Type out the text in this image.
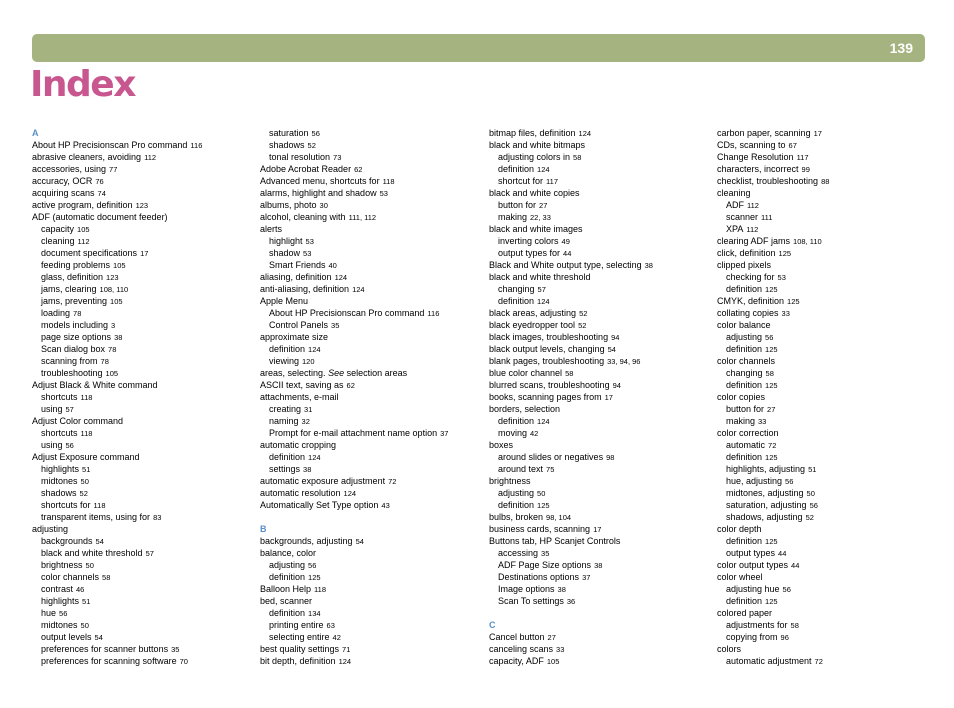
139
Index
A
About HP Precisionscan Pro command 116
abrasive cleaners, avoiding 112
accessories, using 77
accuracy, OCR 76
acquiring scans 74
active program, definition 123
ADF (automatic document feeder)
capacity 105
cleaning 112
document specifications 17
feeding problems 105
glass, definition 123
jams, clearing 108, 110
jams, preventing 105
loading 78
models including 3
page size options 38
Scan dialog box 78
scanning from 78
troubleshooting 105
Adjust Black & White command
shortcuts 118
using 57
Adjust Color command
shortcuts 118
using 56
Adjust Exposure command
highlights 51
midtones 50
shadows 52
shortcuts for 118
transparent items, using for 83
adjusting
backgrounds 54
black and white threshold 57
brightness 50
color channels 58
contrast 46
highlights 51
hue 56
midtones 50
output levels 54
preferences for scanner buttons 35
preferences for scanning software 70
saturation 56
shadows 52
tonal resolution 73
Adobe Acrobat Reader 62
Advanced menu, shortcuts for 118
alarms, highlight and shadow 53
albums, photo 30
alcohol, cleaning with 111, 112
alerts
highlight 53
shadow 53
Smart Friends 40
aliasing, definition 124
anti-aliasing, definition 124
Apple Menu
About HP Precisionscan Pro command 116
Control Panels 35
approximate size
definition 124
viewing 120
areas, selecting. See selection areas
ASCII text, saving as 62
attachments, e-mail
creating 31
naming 32
Prompt for e-mail attachment name option 37
automatic cropping
definition 124
settings 38
automatic exposure adjustment 72
automatic resolution 124
Automatically Set Type option 43
B
backgrounds, adjusting 54
balance, color
adjusting 56
definition 125
Balloon Help 118
bed, scanner
definition 134
printing entire 63
selecting entire 42
best quality settings 71
bit depth, definition 124
bitmap files, definition 124
black and white bitmaps
adjusting colors in 58
definition 124
shortcut for 117
black and white copies
button for 27
making 22, 33
black and white images
inverting colors 49
output types for 44
Black and White output type, selecting 38
black and white threshold
changing 57
definition 124
black areas, adjusting 52
black eyedropper tool 52
black images, troubleshooting 94
black output levels, changing 54
blank pages, troubleshooting 33, 94, 96
blue color channel 58
blurred scans, troubleshooting 94
books, scanning pages from 17
borders, selection
definition 124
moving 42
boxes
around slides or negatives 98
around text 75
brightness
adjusting 50
definition 125
bulbs, broken 98, 104
business cards, scanning 17
Buttons tab, HP Scanjet Controls
accessing 35
ADF Page Size options 38
Destinations options 37
Image options 38
Scan To settings 36
C
Cancel button 27
canceling scans 33
capacity, ADF 105
carbon paper, scanning 17
CDs, scanning to 67
Change Resolution 117
characters, incorrect 99
checklist, troubleshooting 88
cleaning
ADF 112
scanner 111
XPA 112
clearing ADF jams 108, 110
click, definition 125
clipped pixels
checking for 53
definition 125
CMYK, definition 125
collating copies 33
color balance
adjusting 56
definition 125
color channels
changing 58
definition 125
color copies
button for 27
making 33
color correction
automatic 72
definition 125
highlights, adjusting 51
hue, adjusting 56
midtones, adjusting 50
saturation, adjusting 56
shadows, adjusting 52
color depth
definition 125
output types 44
color output types 44
color wheel
adjusting hue 56
definition 125
colored paper
adjustments for 58
copying from 96
colors
automatic adjustment 72
